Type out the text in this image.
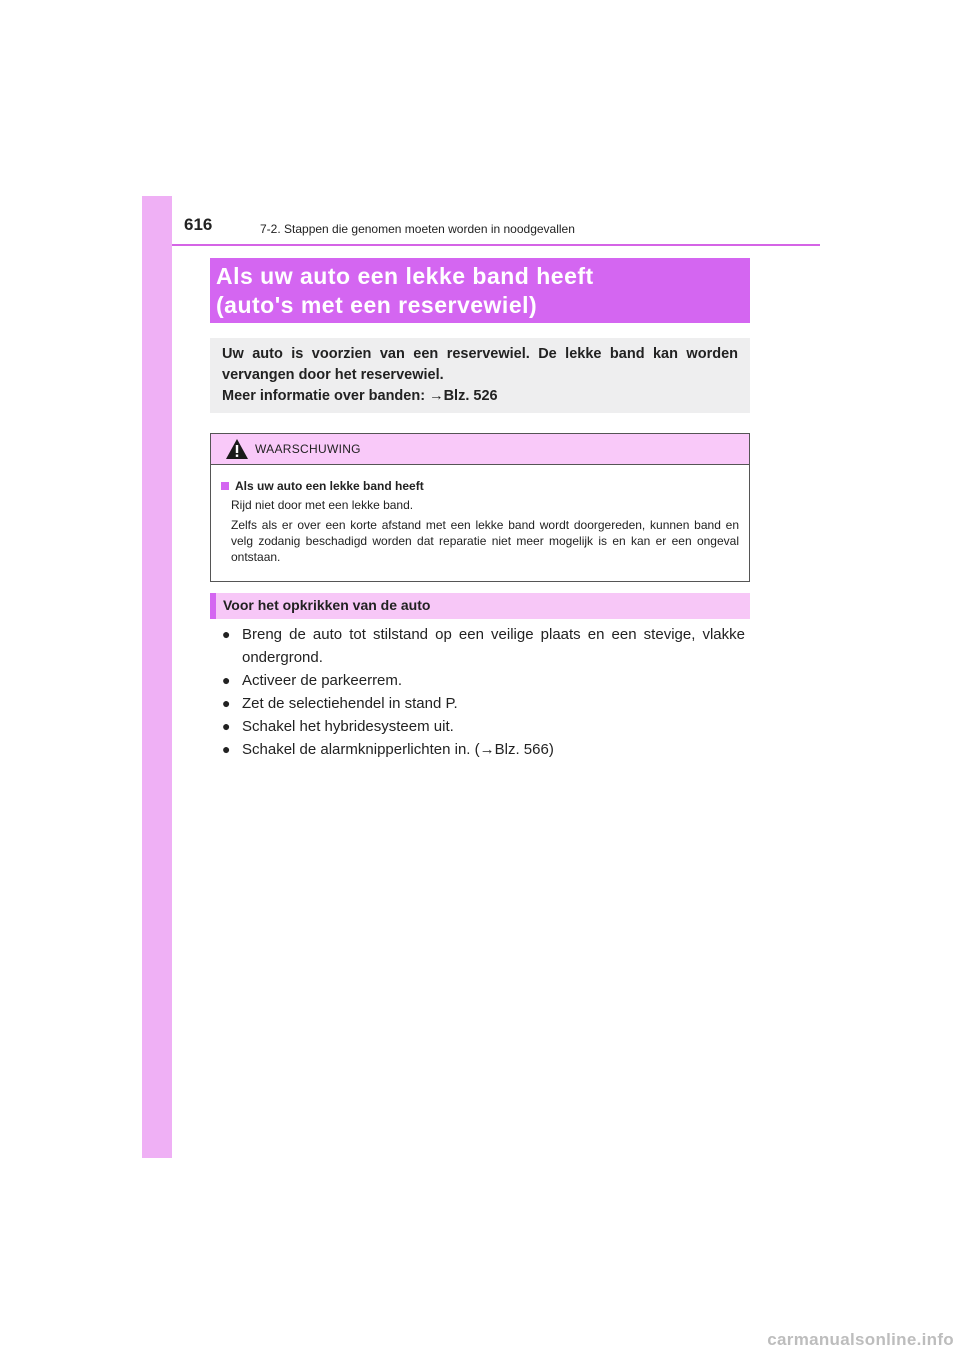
616	7-2. Stappen die genomen moeten worden in noodgevallen
Als uw auto een lekke band heeft
(auto's met een reservewiel)
Uw auto is voorzien van een reservewiel. De lekke band kan worden
vervangen door het reservewiel.
Meer informatie over banden: →Blz. 526
WAARSCHUWING
Als uw auto een lekke band heeft
Rijd niet door met een lekke band.
Zelfs als er over een korte afstand met een lekke band wordt doorgereden, kunnen band en velg zodanig beschadigd worden dat reparatie niet meer mogelijk is en kan er een ongeval ontstaan.
Voor het opkrikken van de auto
● Breng de auto tot stilstand op een veilige plaats en een stevige, vlakke ondergrond.
● Activeer de parkeerrem.
● Zet de selectiehendel in stand P.
● Schakel het hybridesysteem uit.
● Schakel de alarmknipperlichten in. (→Blz. 566)
carmanualsonline.info
